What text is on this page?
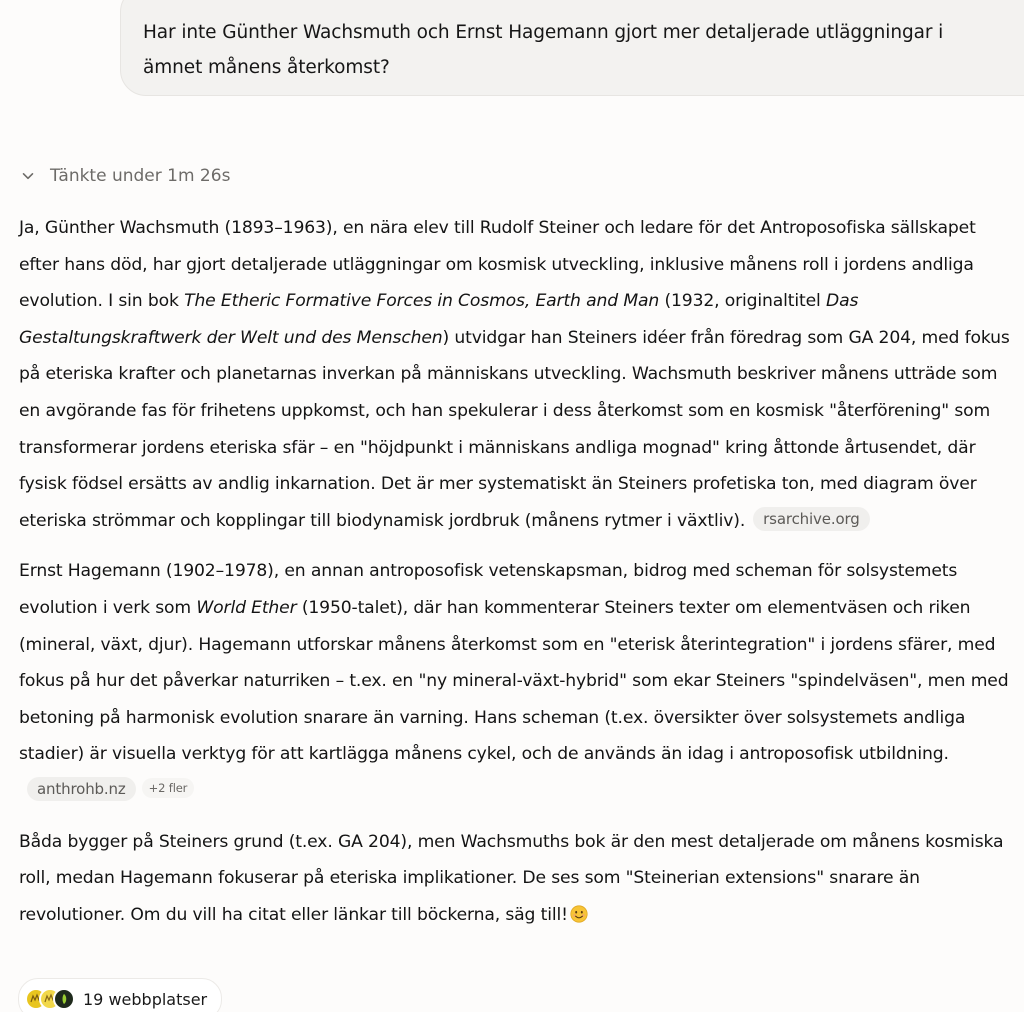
Har inte Günther Wachsmuth och Ernst Hagemann gjort mer detaljerade utläggningar i
ämnet månens återkomst?
Tänkte under 1m 26s

Ja, Günther Wachsmuth (1893–1963), en nära elev till Rudolf Steiner och ledare för det Antroposofiska sällskapet efter hans död, har gjort detaljerade utläggningar om kosmisk utveckling, inklusive månens roll i jordens andliga evolution. I sin bok The Etheric Formative Forces in Cosmos, Earth and Man (1932, originaltitel Das Gestaltungskraftwerk der Welt und des Menschen) utvidgar han Steiners idéer från föredrag som GA 204, med fokus på eteriska krafter och planetarnas inverkan på människans utveckling. Wachsmuth beskriver månens utträde som en avgörande fas för frihetens uppkomst, och han spekulerar i dess återkomst som en kosmisk "återförening" som transformerar jordens eteriska sfär – en "höjdpunkt i människans andliga mognad" kring åttonde årtusendet, där fysisk födsel ersätts av andlig inkarnation. Det är mer systematiskt än Steiners profetiska ton, med diagram över eteriska strömmar och kopplingar till biodynamisk jordbruk (månens rytmer i växtliv). rsarchive.org

Ernst Hagemann (1902–1978), en annan antroposofisk vetenskapsman, bidrog med scheman för solsystemets evolution i verk som World Ether (1950-talet), där han kommenterar Steiners texter om elementväsen och riken (mineral, växt, djur). Hagemann utforskar månens återkomst som en "eterisk återintegration" i jordens sfärer, med fokus på hur det påverkar naturriken – t.ex. en "ny mineral-växt-hybrid" som ekar Steiners "spindelväsen", men med betoning på harmonisk evolution snarare än varning. Hans scheman (t.ex. översikter över solsystemets andliga stadier) är visuella verktyg för att kartlägga månens cykel, och de används än idag i antroposofisk utbildning.anthrohb.nz +2 fler

Båda bygger på Steiners grund (t.ex. GA 204), men Wachsmuths bok är den mest detaljerade om månens kosmiska roll, medan Hagemann fokuserar på eteriska implikationer. De ses som "Steinerian extensions" snarare än revolutioner. Om du vill ha citat eller länkar till böckerna, säg till!

19 webbplatser
